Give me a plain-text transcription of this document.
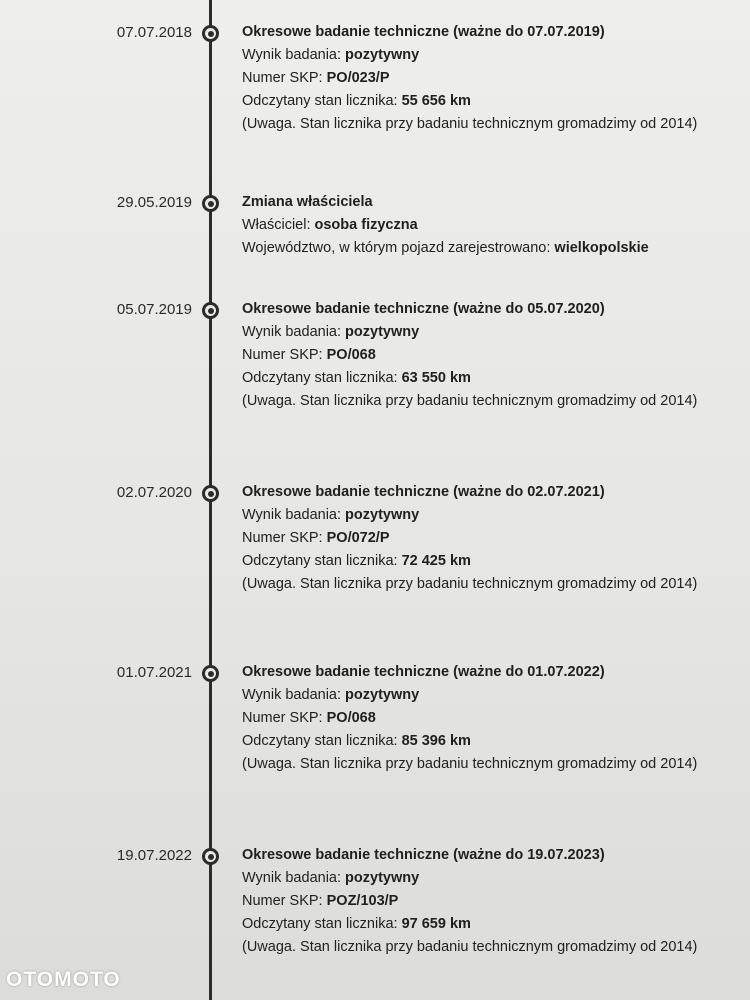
07.07.2018	Okresowe badanie techniczne (ważne do 07.07.2019)
Wynik badania: pozytywny
Numer SKP: PO/023/P
Odczytany stan licznika: 55 656 km
(Uwaga. Stan licznika przy badaniu technicznym gromadzimy od 2014)
29.05.2019	Zmiana właściciela
Właściciel: osoba fizyczna
Województwo, w którym pojazd zarejestrowano: wielkopolskie
05.07.2019	Okresowe badanie techniczne (ważne do 05.07.2020)
Wynik badania: pozytywny
Numer SKP: PO/068
Odczytany stan licznika: 63 550 km
(Uwaga. Stan licznika przy badaniu technicznym gromadzimy od 2014)
02.07.2020	Okresowe badanie techniczne (ważne do 02.07.2021)
Wynik badania: pozytywny
Numer SKP: PO/072/P
Odczytany stan licznika: 72 425 km
(Uwaga. Stan licznika przy badaniu technicznym gromadzimy od 2014)
01.07.2021	Okresowe badanie techniczne (ważne do 01.07.2022)
Wynik badania: pozytywny
Numer SKP: PO/068
Odczytany stan licznika: 85 396 km
(Uwaga. Stan licznika przy badaniu technicznym gromadzimy od 2014)
19.07.2022	Okresowe badanie techniczne (ważne do 19.07.2023)
Wynik badania: pozytywny
Numer SKP: POZ/103/P
Odczytany stan licznika: 97 659 km
(Uwaga. Stan licznika przy badaniu technicznym gromadzimy od 2014)
OTOMOTO
